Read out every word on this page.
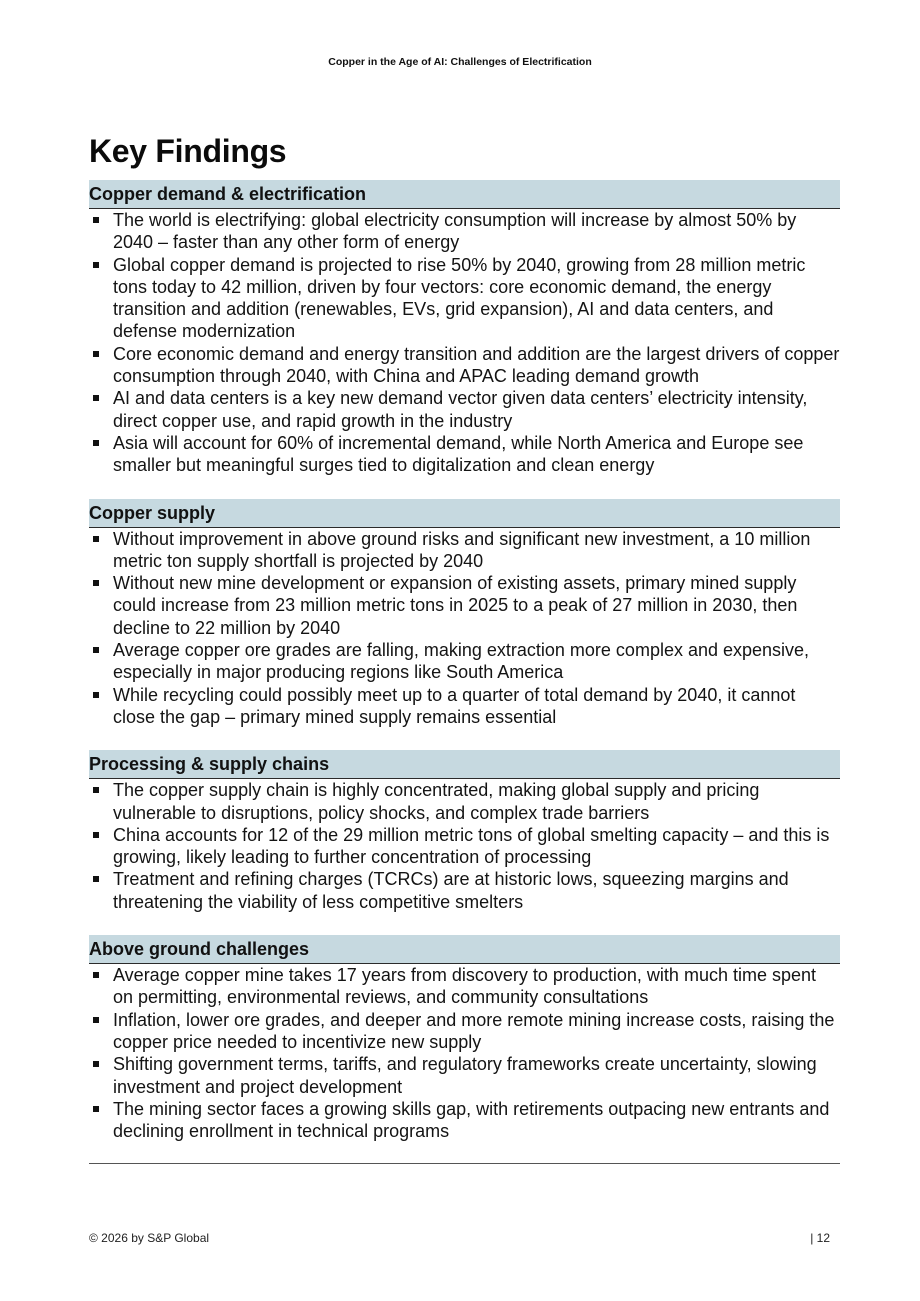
Copper in the Age of AI: Challenges of Electrification
Key Findings
Copper demand & electrification
The world is electrifying: global electricity consumption will increase by almost 50% by 2040 – faster than any other form of energy
Global copper demand is projected to rise 50% by 2040, growing from 28 million metric tons today to 42 million, driven by four vectors: core economic demand, the energy transition and addition (renewables, EVs, grid expansion), AI and data centers, and defense modernization
Core economic demand and energy transition and addition are the largest drivers of copper consumption through 2040, with China and APAC leading demand growth
AI and data centers is a key new demand vector given data centers’ electricity intensity, direct copper use, and rapid growth in the industry
Asia will account for 60% of incremental demand, while North America and Europe see smaller but meaningful surges tied to digitalization and clean energy
Copper supply
Without improvement in above ground risks and significant new investment, a 10 million metric ton supply shortfall is projected by 2040
Without new mine development or expansion of existing assets, primary mined supply could increase from 23 million metric tons in 2025 to a peak of 27 million in 2030, then decline to 22 million by 2040
Average copper ore grades are falling, making extraction more complex and expensive, especially in major producing regions like South America
While recycling could possibly meet up to a quarter of total demand by 2040, it cannot close the gap – primary mined supply remains essential
Processing & supply chains
The copper supply chain is highly concentrated, making global supply and pricing vulnerable to disruptions, policy shocks, and complex trade barriers
China accounts for 12 of the 29 million metric tons of global smelting capacity – and this is growing, likely leading to further concentration of processing
Treatment and refining charges (TCRCs) are at historic lows, squeezing margins and threatening the viability of less competitive smelters
Above ground challenges
Average copper mine takes 17 years from discovery to production, with much time spent on permitting, environmental reviews, and community consultations
Inflation, lower ore grades, and deeper and more remote mining increase costs, raising the copper price needed to incentivize new supply
Shifting government terms, tariffs, and regulatory frameworks create uncertainty, slowing investment and project development
The mining sector faces a growing skills gap, with retirements outpacing new entrants and declining enrollment in technical programs
© 2026 by S&P Global	| 12
